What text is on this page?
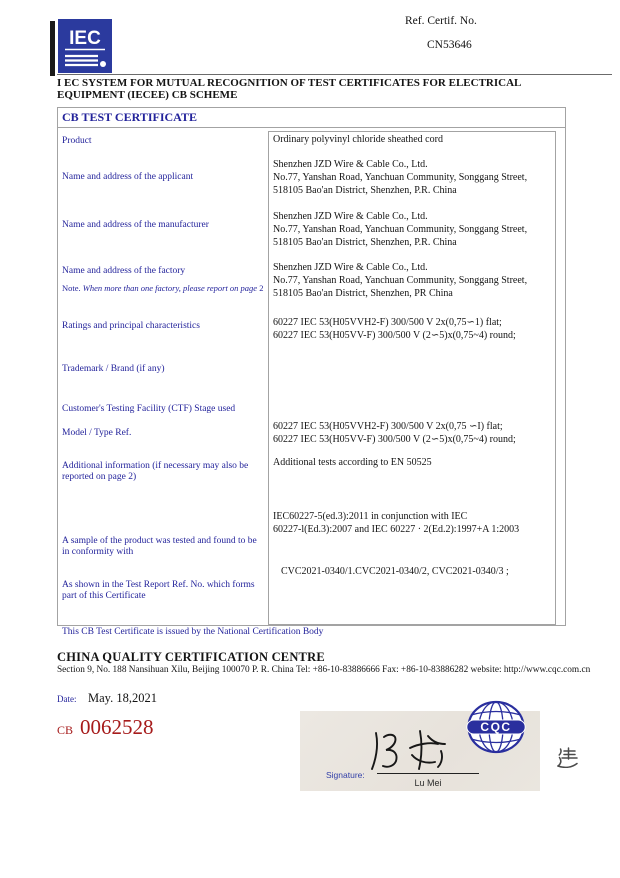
IEC
Ref. Certif. No.
CN53646
I EC SYSTEM FOR MUTUAL RECOGNITION OF TEST CERTIFICATES FOR ELECTRICAL EQUIPMENT (IECEE) CB SCHEME
CB TEST CERTIFICATE
Product	Ordinary polyvinyl chloride sheathed cord
Name and address of the applicant
Shenzhen JZD Wire & Cable Co., Ltd.
No.77, Yanshan Road, Yanchuan Community, Songgang Street,
518105 Bao'an District, Shenzhen, P.R. China
Name and address of the manufacturer
Shenzhen JZD Wire & Cable Co., Ltd.
No.77, Yanshan Road, Yanchuan Community, Songgang Street,
518105 Bao'an District, Shenzhen, P.R. China
Name and address of the factory
Note. When more than one factory, please report on page 2
Shenzhen JZD Wire & Cable Co., Ltd.
No.77, Yanshan Road, Yanchuan Community, Songgang Street,
518105 Bao'an District, Shenzhen, PR China
Ratings and principal characteristics	60227 IEC 53(H05VVH2-F) 300/500 V 2x(0,75∽1) flat;
60227 IEC 53(H05VV-F) 300/500 V (2∽5)x(0,75~4) round;
Trademark / Brand (if any)
Customer's Testing Facility (CTF) Stage used
Model / Type Ref.
60227 IEC 53(H05VVH2-F) 300/500 V 2x(0,75 ∽I) flat;
60227 IEC 53(H05VV-F) 300/500 V (2∽5)x(0,75~4) round;
Additional information (if necessary may also be reported on page 2)
Additional tests according to EN 50525
A sample of the product was tested and found to be in conformity with
IEC60227-5(ed.3):2011 in conjunction with IEC
60227-l(Ed.3):2007 and IEC 60227 · 2(Ed.2):1997+A 1:2003
As shown in the Test Report Ref. No. which forms part of this Certificate
CVC2021-0340/1.CVC2021-0340/2, CVC2021-0340/3 ;
This CB Test Certificate is issued by the National Certification Body
CHINA QUALITY CERTIFICATION CENTRE
Section 9, No. 188 Nansihuan Xilu, Beijing 100070 P. R. China Tel: +86-10-83886666 Fax: +86-10-83886282 website: http://www.cqc.com.cn
Date: May. 18,2021
CB 0062528
Signature:
Lu Mei
CQC
